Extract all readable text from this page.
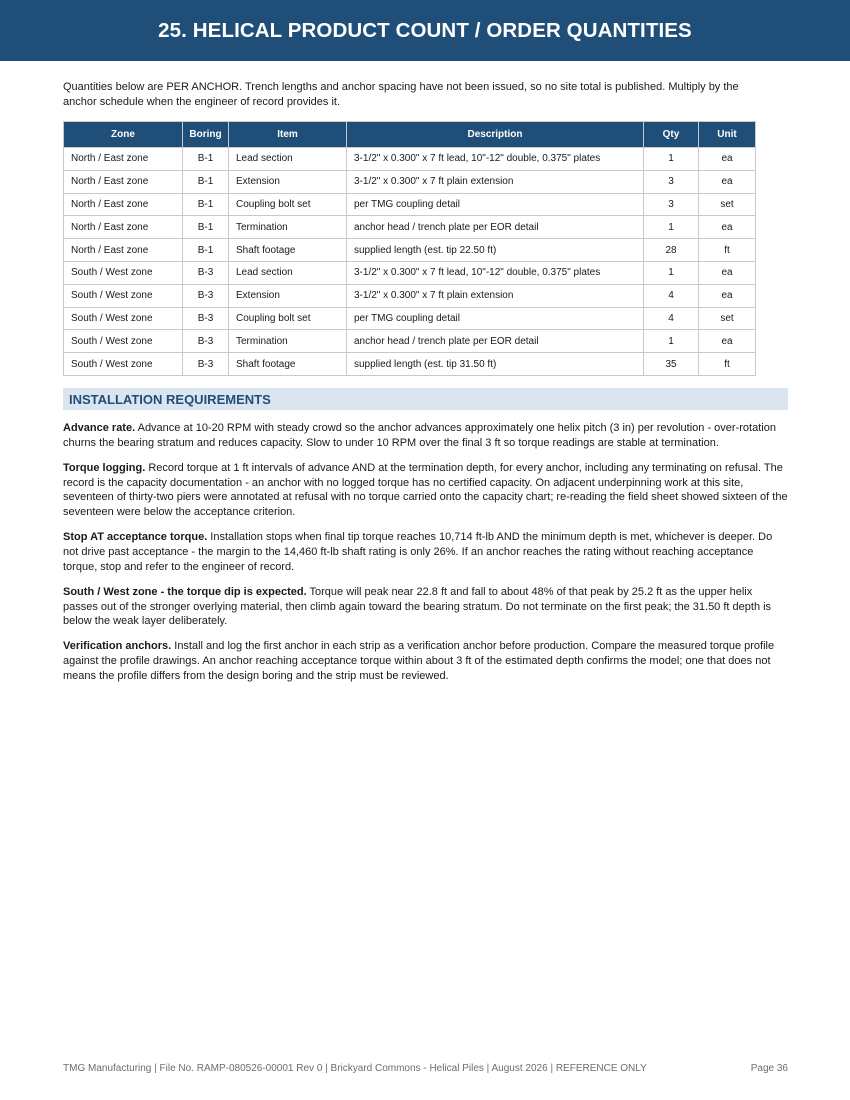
25. HELICAL PRODUCT COUNT / ORDER QUANTITIES
Quantities below are PER ANCHOR. Trench lengths and anchor spacing have not been issued, so no site total is published. Multiply by the anchor schedule when the engineer of record provides it.
Zone	Boring	Item	Description	Qty	Unit
North / East zone	B-1	Lead section	3-1/2" x 0.300" x 7 ft lead, 10"-12" double, 0.375" plates	1	ea
North / East zone	B-1	Extension	3-1/2" x 0.300" x 7 ft plain extension	3	ea
North / East zone	B-1	Coupling bolt set	per TMG coupling detail	3	set
North / East zone	B-1	Termination	anchor head / trench plate per EOR detail	1	ea
North / East zone	B-1	Shaft footage	supplied length (est. tip 22.50 ft)	28	ft
South / West zone	B-3	Lead section	3-1/2" x 0.300" x 7 ft lead, 10"-12" double, 0.375" plates	1	ea
South / West zone	B-3	Extension	3-1/2" x 0.300" x 7 ft plain extension	4	ea
South / West zone	B-3	Coupling bolt set	per TMG coupling detail	4	set
South / West zone	B-3	Termination	anchor head / trench plate per EOR detail	1	ea
South / West zone	B-3	Shaft footage	supplied length (est. tip 31.50 ft)	35	ft
INSTALLATION REQUIREMENTS

Advance rate. Advance at 10-20 RPM with steady crowd so the anchor advances approximately one helix pitch (3 in) per revolution - over-rotation churns the bearing stratum and reduces capacity. Slow to under 10 RPM over the final 3 ft so torque readings are stable at termination.

Torque logging. Record torque at 1 ft intervals of advance AND at the termination depth, for every anchor, including any terminating on refusal. The record is the capacity documentation - an anchor with no logged torque has no certified capacity. On adjacent underpinning work at this site, seventeen of thirty-two piers were annotated at refusal with no torque carried onto the capacity chart; re-reading the field sheet showed sixteen of the seventeen were below the acceptance criterion.

Stop AT acceptance torque. Installation stops when final tip torque reaches 10,714 ft-lb AND the minimum depth is met, whichever is deeper. Do not drive past acceptance - the margin to the 14,460 ft-lb shaft rating is only 26%. If an anchor reaches the rating without reaching acceptance torque, stop and refer to the engineer of record.

South / West zone - the torque dip is expected. Torque will peak near 22.8 ft and fall to about 48% of that peak by 25.2 ft as the upper helix passes out of the stronger overlying material, then climb again toward the bearing stratum. Do not terminate on the first peak; the 31.50 ft depth is below the weak layer deliberately.

Verification anchors. Install and log the first anchor in each strip as a verification anchor before production. Compare the measured torque profile against the profile drawings. An anchor reaching acceptance torque within about 3 ft of the estimated depth confirms the model; one that does not means the profile differs from the design boring and the strip must be reviewed.

TMG Manufacturing | File No. RAMP-080526-00001 Rev 0 | Brickyard Commons - Helical Piles | August 2026 | REFERENCE ONLY	Page 36
